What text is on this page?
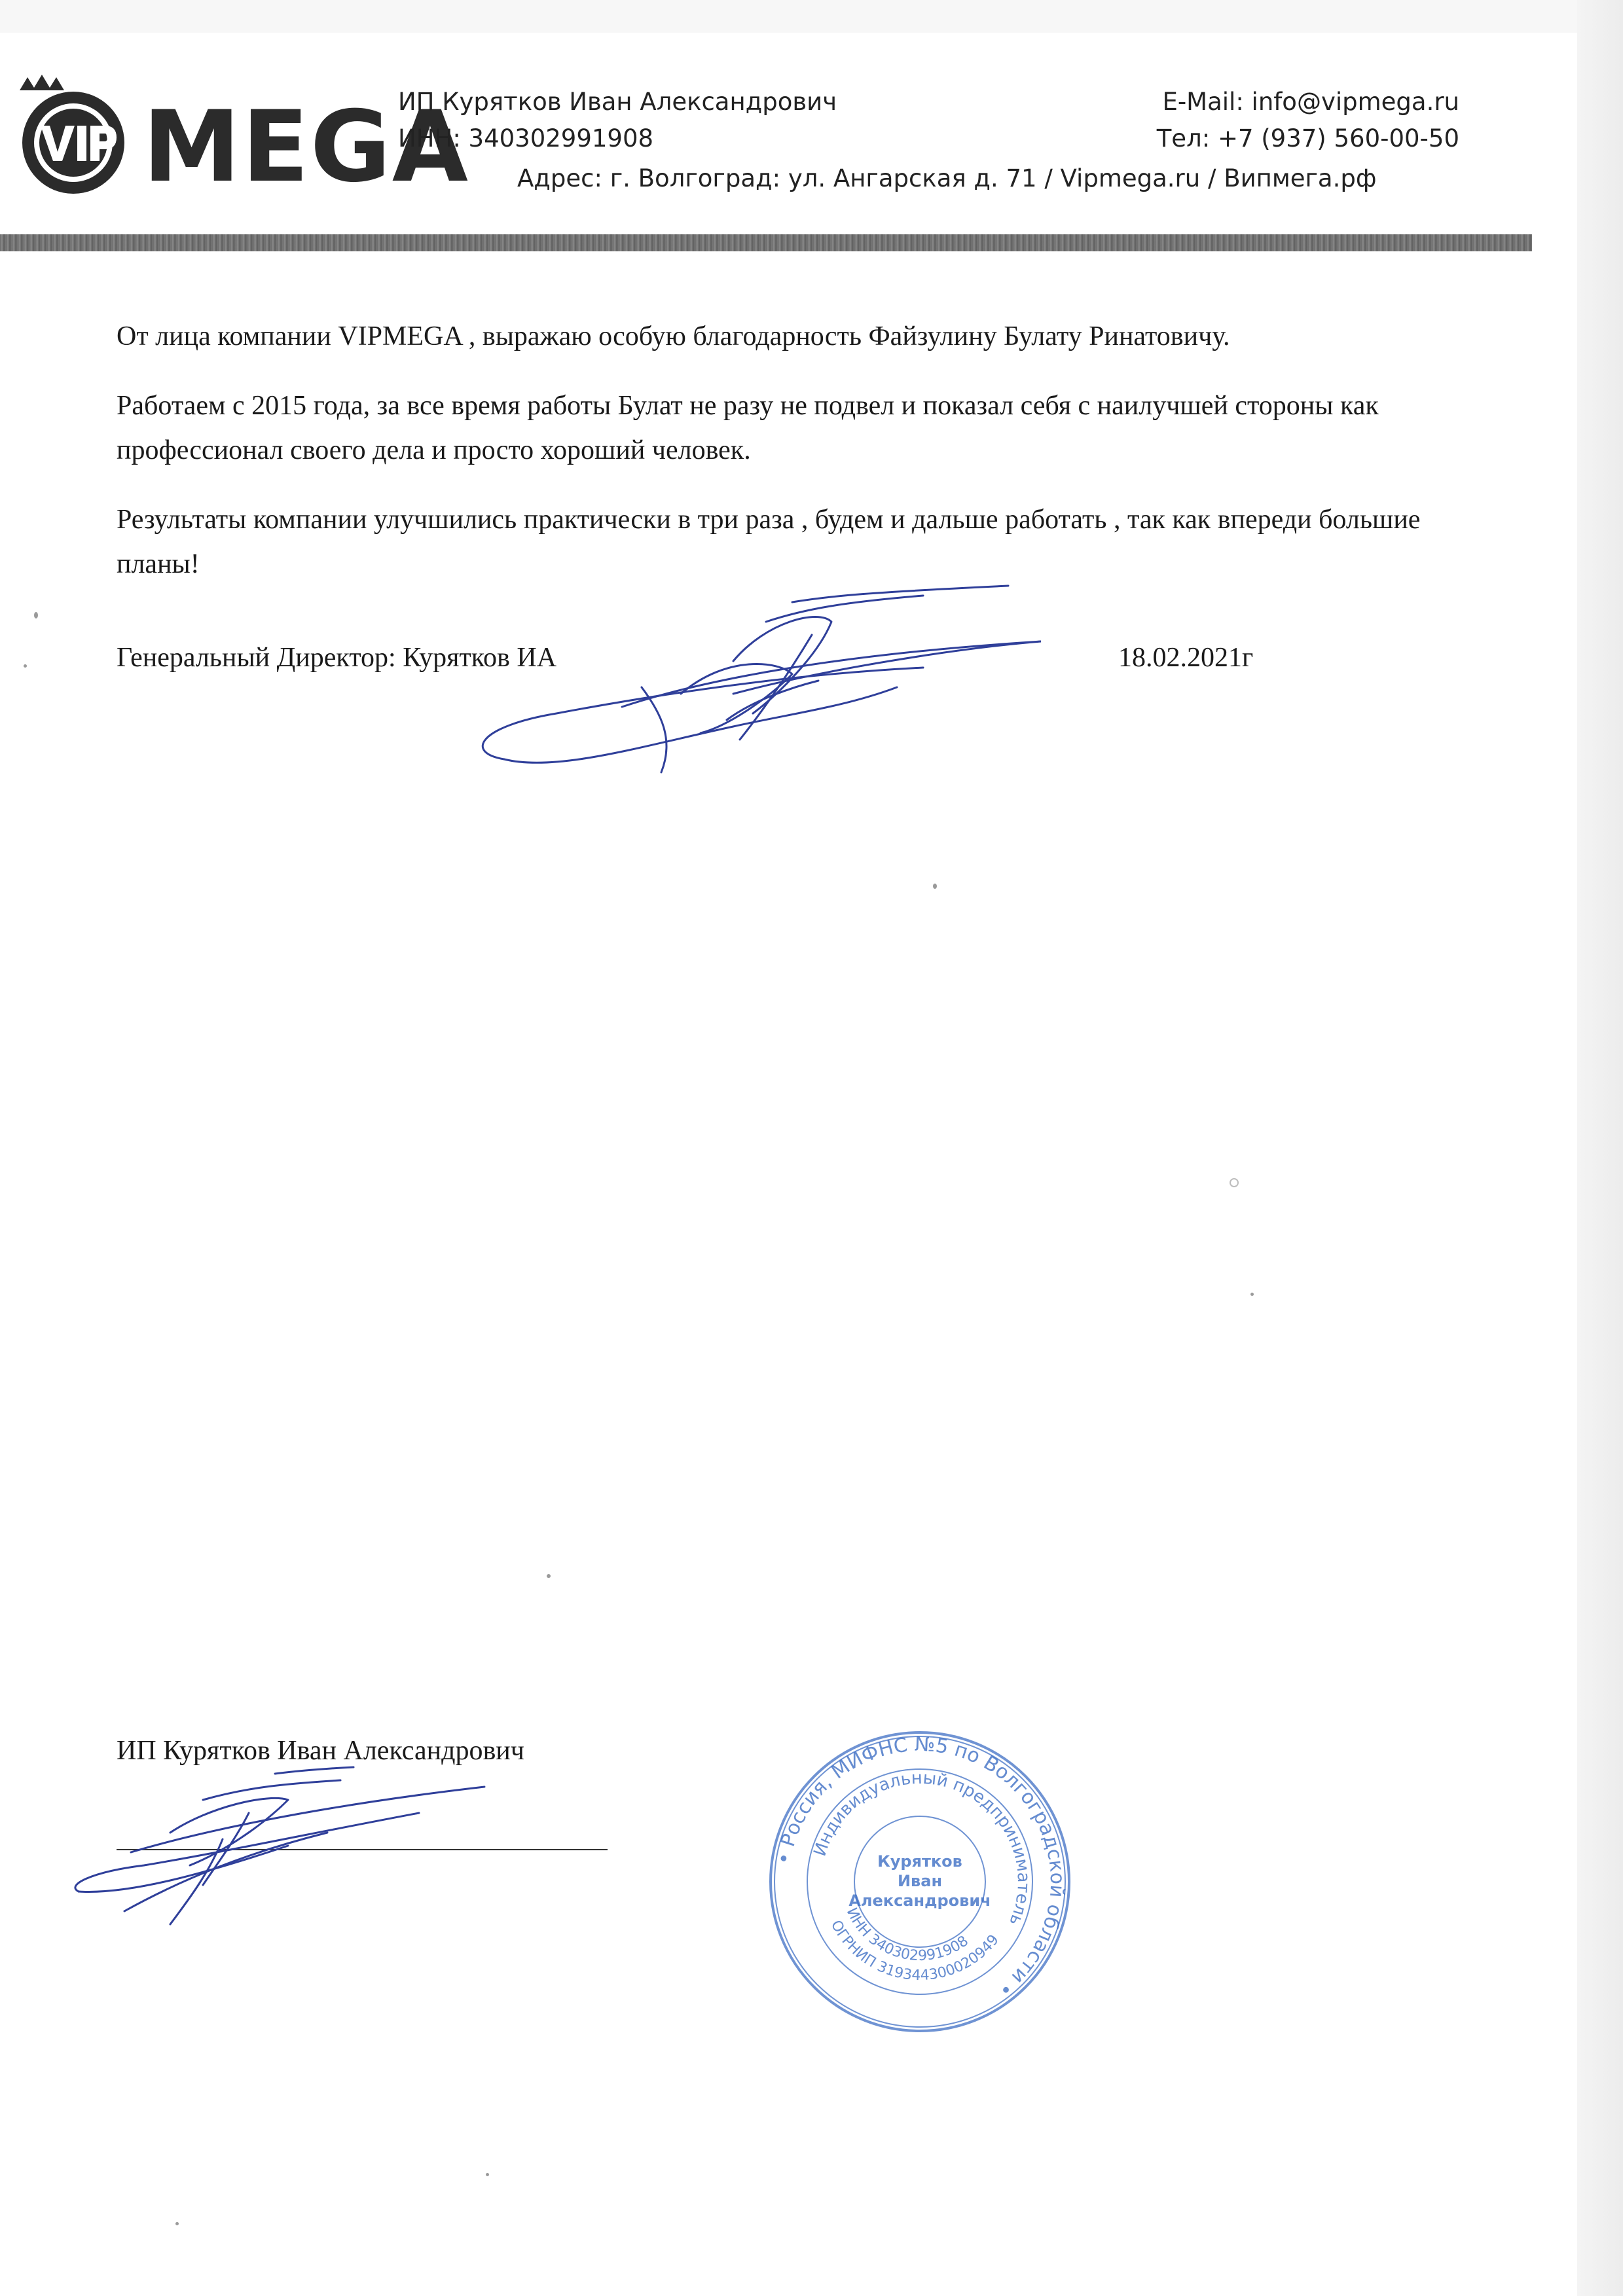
MEGA
ИП Курятков Иван Александрович
ИНН: 340302991908
E-Mail: info@vipmega.ru
Тел: +7 (937) 560-00-50
Адрес: г. Волгоград: ул. Ангарская д. 71 / Vipmega.ru / Випмега.рф

От лица компании VIPMEGA , выражаю особую благодарность Файзулину Булату Ринатовичу.

Работаем с 2015 года, за все время работы Булат не разу не подвел и показал себя с наилучшей стороны как профессионал своего дела и просто хороший человек.

Результаты компании улучшились практически в три раза , будем и дальше работать , так как впереди большие планы!

Генеральный Директор: Курятков ИА	18.02.2021г
ИП Курятков Иван Александрович
• Россия, МИФНС №5 по Волгоградской области •
Индивидуальный предприниматель
ИНН 340302991908
ОГРНИП 319344300020949
Курятков
Иван
Александрович
